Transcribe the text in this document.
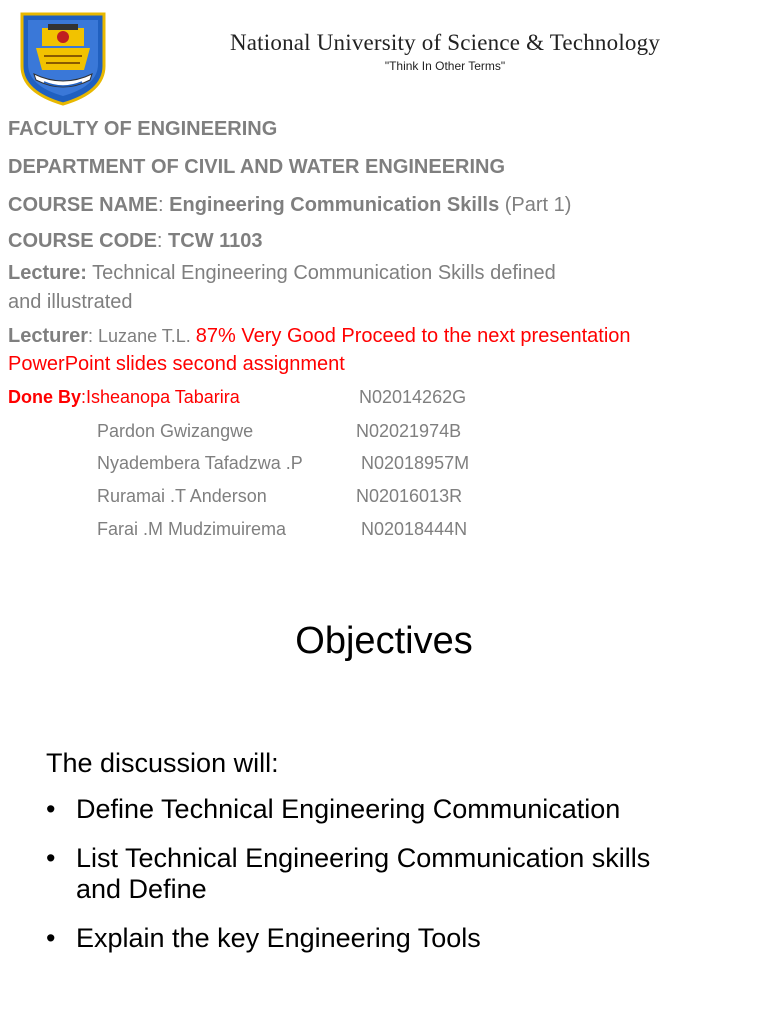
National University of Science & Technology
"Think In Other Terms"
FACULTY OF ENGINEERING
DEPARTMENT OF CIVIL AND WATER ENGINEERING
COURSE NAME: Engineering Communication Skills (Part 1)
COURSE CODE: TCW 1103
Lecture: Technical Engineering Communication Skills defined
and illustrated
Lecturer: Luzane T.L. 87% Very Good Proceed to the next presentation
PowerPoint slides second assignment
Done By:Isheanopa Tabarira	N02014262G
Pardon Gwizangwe	N02021974B
Nyadembera Tafadzwa .P	N02018957M
Ruramai .T Anderson	N02016013R
Farai .M Mudzimuirema	N02018444N
Objectives
The discussion will:
• Define Technical Engineering Communication
• List Technical Engineering Communication skills and Define
• Explain the key Engineering Tools
